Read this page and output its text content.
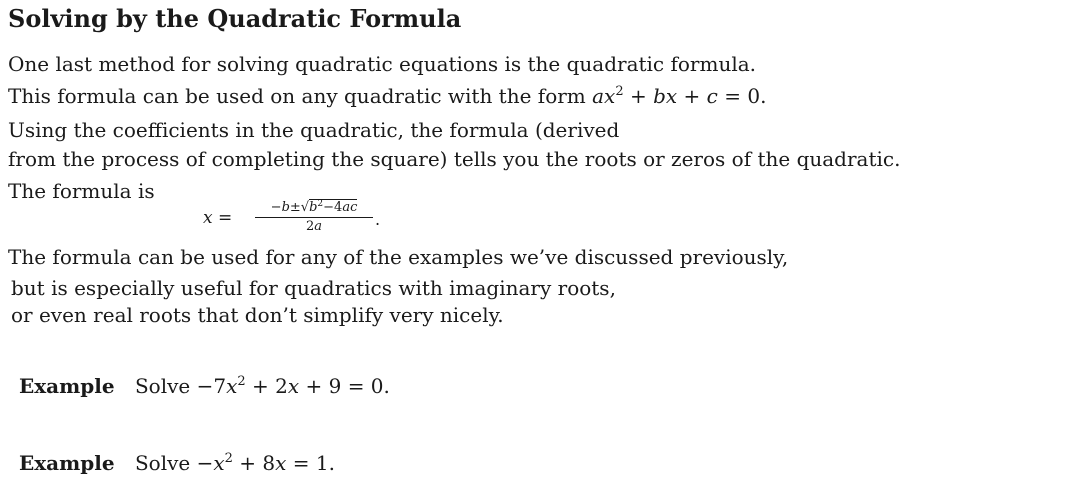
Solving by the Quadratic Formula
One last method for solving quadratic equations is the quadratic formula.
This formula can be used on any quadratic with the form $ax^2$ + bx + c = 0.
Using the coefficients in the quadratic, the formula (derived
from the process of completing the square) tells you the roots or zeros of the quadratic.
The formula is
x =
$-b\pm√b^2-4ac$
2a	.
The formula can be used for any of the examples we’ve discussed previously,
but is especially useful for quadratics with imaginary roots,
or even real roots that don’t simplify very nicely.
Example Solve $-7x^2 + 2x + 9 = 0$.
Example Solve $-x^2 + 8x = 1$.
